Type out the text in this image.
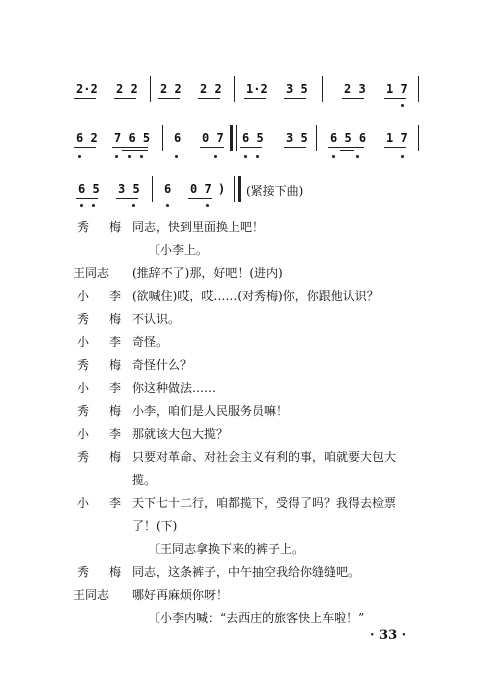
2·2 2 2 2 2 2 2 1·2 3 5	2 3 1 7
6 2 7 6 5 6 0 7 6 5 3 5 6 5 6 1 7
6 5 3 5 6 0 7 ) (紧接下曲)
秀　梅 同志，快到里面换上吧！
〔小李上。
王同志 (推辞不了)那，好吧！(进内)
小　李 (欲喊住)哎，哎……(对秀梅)你，你跟他认识？
秀　梅 不认识。
小　李 奇怪。
秀　梅 奇怪什么？
小　李 你这种做法……
秀　梅 小李，咱们是人民服务员嘛！
小　李 那就该大包大揽？
秀　梅 只要对革命、对社会主义有利的事，咱就要大包大
揽。
小　李 天下七十二行，咱都揽下，受得了吗？我得去检票
了！(下)
〔王同志拿换下来的裤子上。
秀　梅 同志，这条裤子，中午抽空我给你缝缝吧。
王同志 哪好再麻烦你呀！
〔小李内喊：“去西庄的旅客快上车啦！”
· 33 ·
